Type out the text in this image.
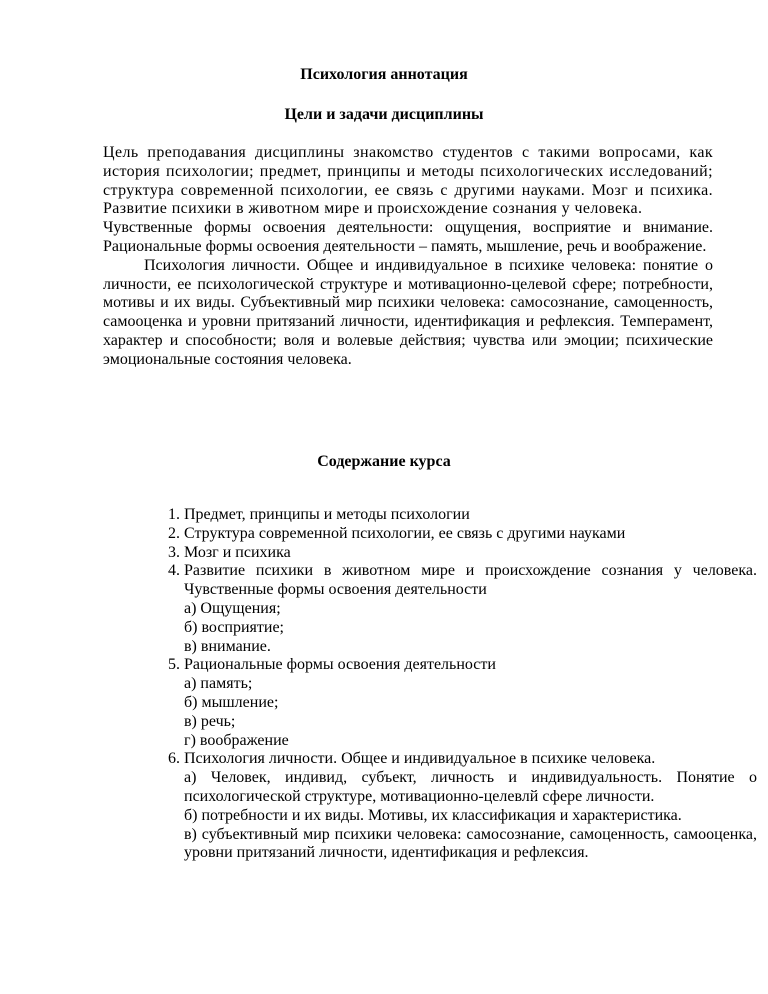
Психология аннотация
Цели и задачи дисциплины

Цель преподавания дисциплины знакомство студентов с такими вопросами, как история психологии; предмет, принципы и методы психологических исследований; структура современной психологии, ее связь с другими науками. Мозг и психика. Развитие психики в животном мире и происхождение сознания у человека.

Чувственные формы освоения деятельности: ощущения, восприятие и внимание. Рациональные формы освоения деятельности – память, мышление, речь и воображение.

Психология личности. Общее и индивидуальное в психике человека: понятие о личности, ее психологической структуре и мотивационно-целевой сфере; потребности, мотивы и их виды. Субъективный мир психики человека: самосознание, самоценность, самооценка и уровни притязаний личности, идентификация и рефлексия. Темперамент, характер и способности; воля и волевые действия; чувства или эмоции; психические эмоциональные состояния человека.

Содержание курса
1. Предмет, принципы и методы психологии
2. Структура современной психологии, ее связь с другими науками
3. Мозг и психика
4. Развитие психики в животном мире и происхождение сознания у человека. Чувственные формы освоения деятельности
а) Ощущения;
б) восприятие;
в) внимание.
5. Рациональные формы освоения деятельности
а) память;
б) мышление;
в) речь;
г) воображение
6. Психология личности. Общее и индивидуальное в психике человека.
а) Человек, индивид, субъект, личность и индивидуальность. Понятие о психологической структуре, мотивационно-целевлй сфере личности.
б) потребности и их виды. Мотивы, их классификация и характеристика.
в) субъективный мир психики человека: самосознание, самоценность, самооценка, уровни притязаний личности, идентификация и рефлексия.
